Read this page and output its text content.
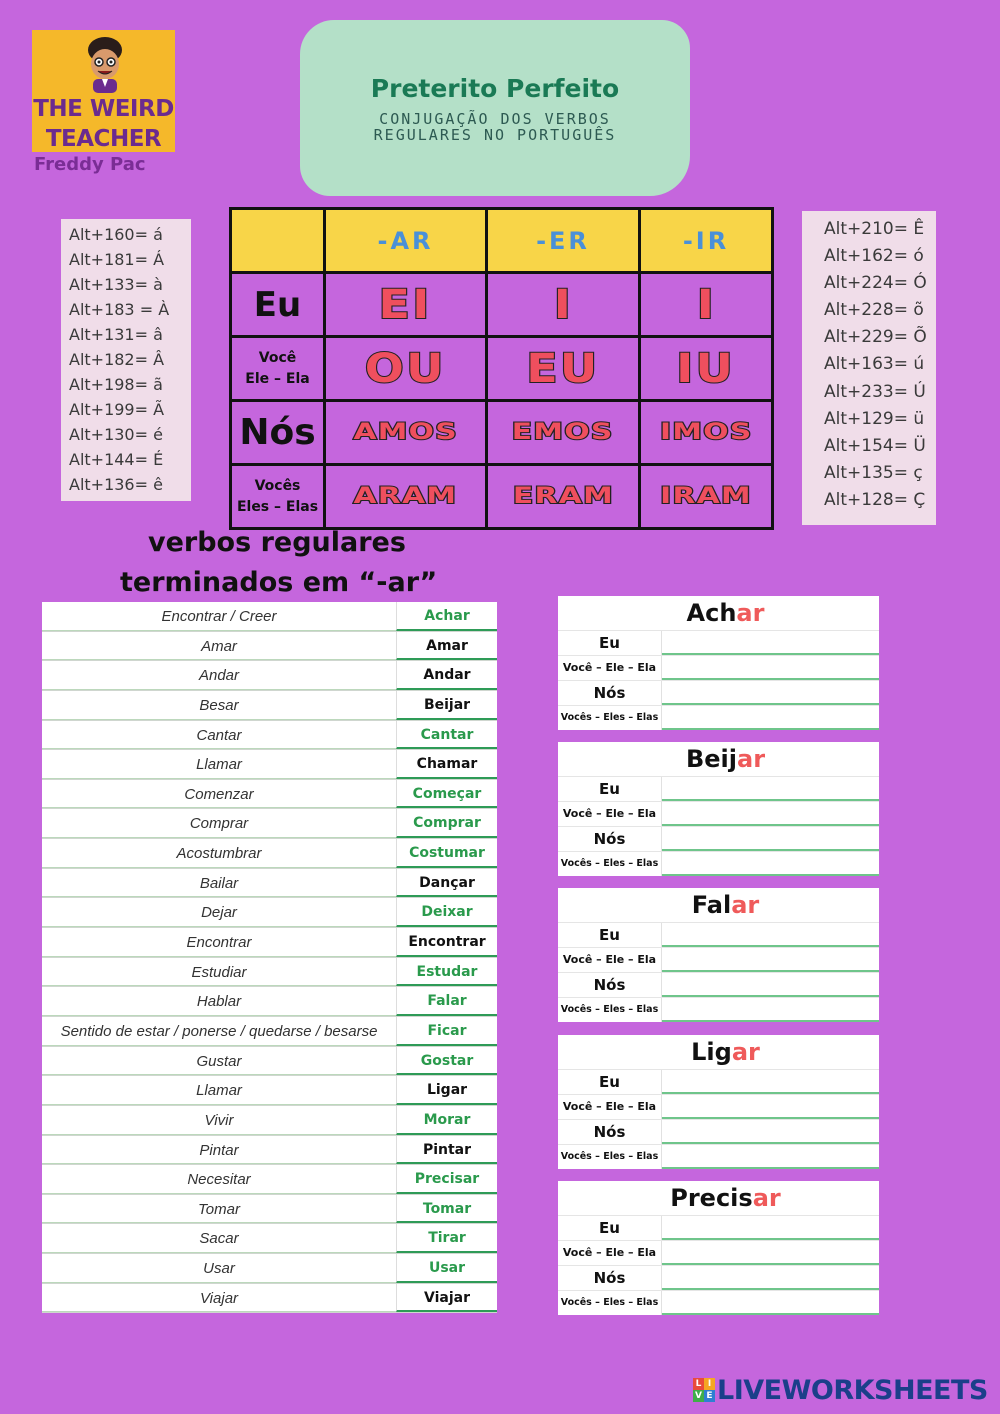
THE WEIRD
TEACHER
Freddy Pac
Preterito Perfeito
CONJUGAÇÃO DOS VERBOS
REGULARES NO PORTUGUÊS
Alt+160= á
Alt+181= Á
Alt+133= à
Alt+183 = À
Alt+131= â
Alt+182= Â
Alt+198= ã
Alt+199= Ã
Alt+130= é
Alt+144= É
Alt+136= ê
Alt+210= Ê
Alt+162= ó
Alt+224= Ó
Alt+228= õ
Alt+229= Õ
Alt+163= ú
Alt+233= Ú
Alt+129= ü
Alt+154= Ü
Alt+135= ç
Alt+128= Ç
	-AR	-ER	-IR
Eu	EI	I	I

Você
Ele – Ela	OU	EU	IU
Nós	AMOS	EMOS	IMOS

Vocês
Eles – Elas	ARAM	ERAM	IRAM
verbos regulares
terminados em “-ar”
Encontrar / Creer	Achar
Amar	Amar
Andar	Andar
Besar	Beijar
Cantar	Cantar
Llamar	Chamar
Comenzar	Começar
Comprar	Comprar
Acostumbrar	Costumar
Bailar	Dançar
Dejar	Deixar
Encontrar	Encontrar
Estudiar	Estudar
Hablar	Falar
Sentido de estar / ponerse / quedarse / besarse	Ficar
Gustar	Gostar
Llamar	Ligar
Vivir	Morar
Pintar	Pintar
Necesitar	Precisar
Tomar	Tomar
Sacar	Tirar
Usar	Usar
Viajar	Viajar
Achar
Eu
Você – Ele – Ela
Nós
Vocês – Eles – Elas
Beijar
Eu
Você – Ele – Ela
Nós
Vocês – Eles – Elas
Falar
Eu
Você – Ele – Ela
Nós
Vocês – Eles – Elas
Ligar
Eu
Você – Ele – Ela
Nós
Vocês – Eles – Elas
Precisar
Eu
Você – Ele – Ela
Nós
Vocês – Eles – Elas
L I
V E LIVEWORKSHEETS
